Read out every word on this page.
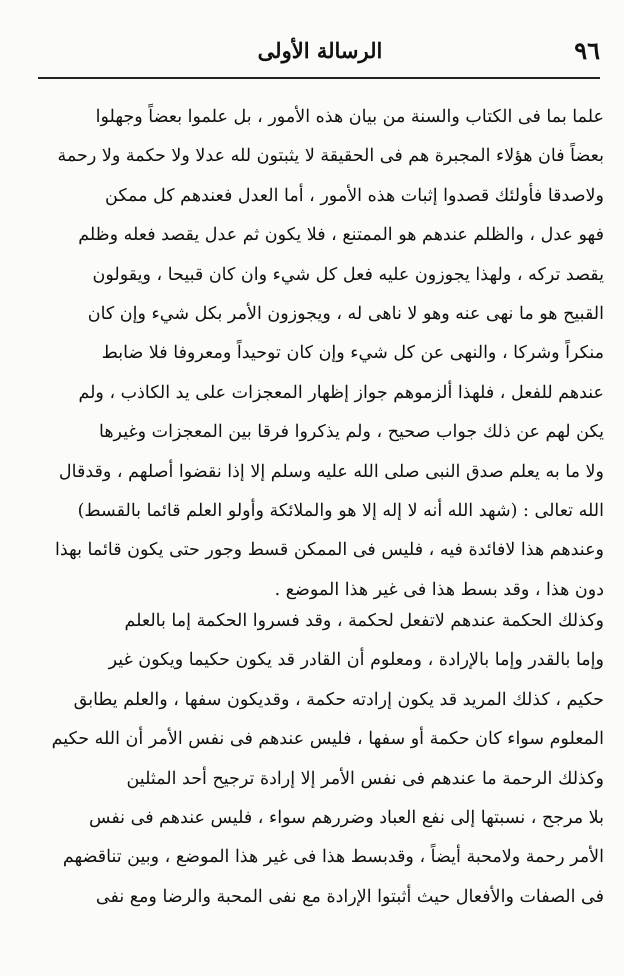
٩٦
الرسالة الأولى
علما بما فى الكتاب والسنة من بيان هذه الأمور ، بل علموا بعضاً وجهلوا
بعضاً فان هؤلاء المجبرة هم فى الحقيقة لا يثبتون لله عدلا ولا حكمة ولا رحمة
ولاصدقا فأولئك قصدوا إثبات هذه الأمور ، أما العدل فعندهم كل ممكن
فهو عدل ، والظلم عندهم هو الممتنع ، فلا يكون ثم عدل يقصد فعله وظلم
يقصد تركه ، ولهذا يجوزون عليه فعل كل شيء وان كان قبيحا ، ويقولون
القبيح هو ما نهى عنه وهو لا ناهى له ، ويجوزون الأمر بكل شيء وإن كان
منكراً وشركا ، والنهى عن كل شيء وإن كان توحيداً ومعروفا فلا ضابط
عندهم للفعل ، فلهذا ألزموهم جواز إظهار المعجزات على يد الكاذب ، ولم
يكن لهم عن ذلك جواب صحيح ، ولم يذكروا فرقا بين المعجزات وغيرها
ولا ما به يعلم صدق النبى صلى الله عليه وسلم إلا إذا نقضوا أصلهم ، وقدقال
الله تعالى : (شهد الله أنه لا إله إلا هو والملائكة وأولو العلم قائما بالقسط)
وعندهم هذا لافائدة فيه ، فليس فى الممكن قسط وجور حتى يكون قائما بهذا
دون هذا ، وقد بسط هذا فى غير هذا الموضع .
وكذلك الحكمة عندهم لاتفعل لحكمة ، وقد فسروا الحكمة إما بالعلم
وإما بالقدر وإما بالإرادة ، ومعلوم أن القادر قد يكون حكيما ويكون غير
حكيم ، كذلك المريد قد يكون إرادته حكمة ، وقديكون سفها ، والعلم يطابق
المعلوم سواء كان حكمة أو سفها ، فليس عندهم فى نفس الأمر أن الله حكيم
وكذلك الرحمة ما عندهم فى نفس الأمر إلا إرادة ترجيح أحد المثلين
بلا مرجح ، نسبتها إلى نفع العباد وضررهم سواء ، فليس عندهم فى نفس
الأمر رحمة ولامحبة أيضاً ، وقدبسط هذا فى غير هذا الموضع ، وبين تناقضهم
فى الصفات والأفعال حيث أثبتوا الإرادة مع نفى المحبة والرضا ومع نفى
